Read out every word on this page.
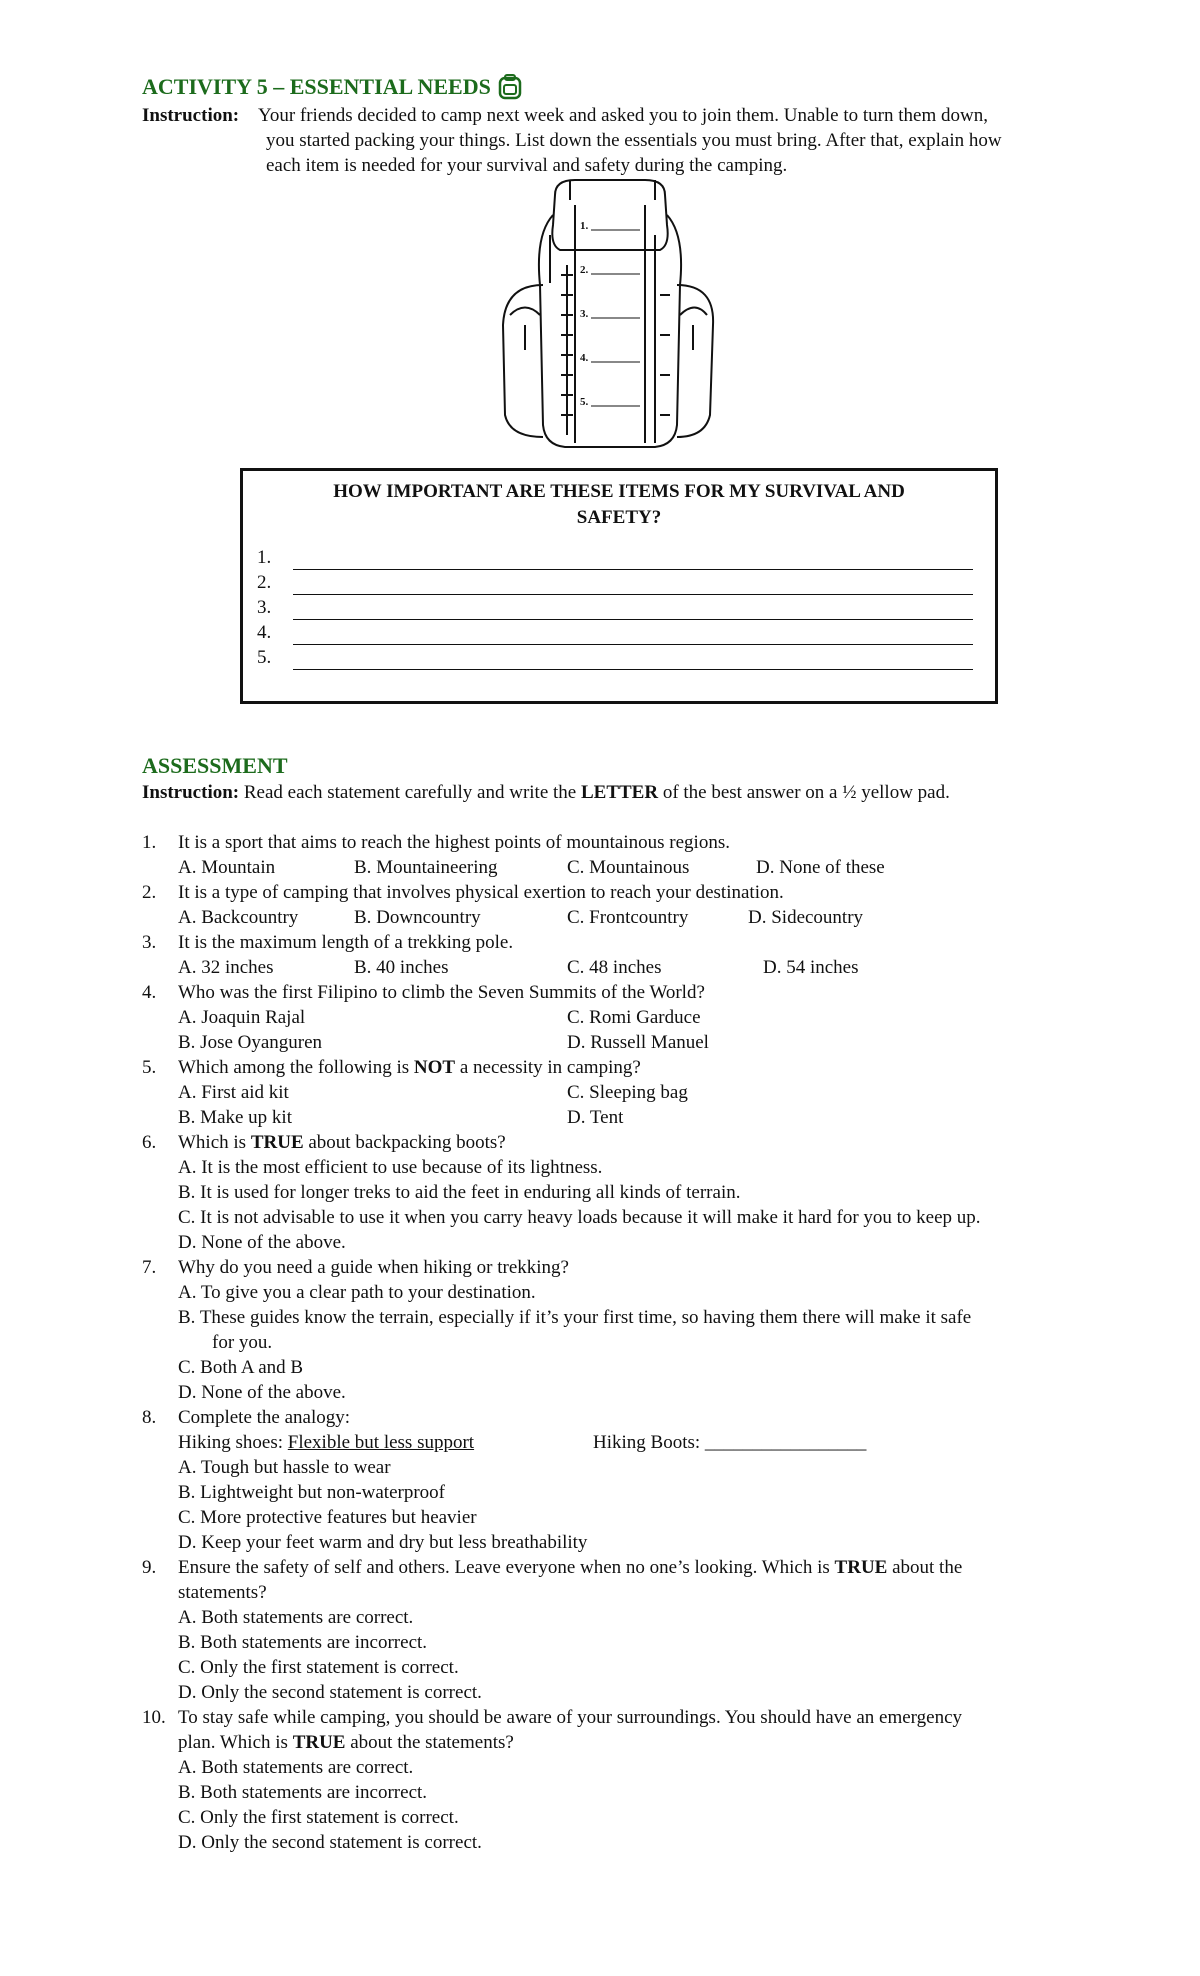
ACTIVITY 5 – ESSENTIAL NEEDS
Instruction: Your friends decided to camp next week and asked you to join them. Unable to turn them down,
you started packing your things. List down the essentials you must bring. After that, explain how
each item is needed for your survival and safety during the camping.
1.
2.
3.
4.
5.
HOW IMPORTANT ARE THESE ITEMS FOR MY SURVIVAL AND
SAFETY?
1.
2.
3.
4.
5.
ASSESSMENT
Instruction: Read each statement carefully and write the LETTER of the best answer on a ½ yellow pad.
1.	It is a sport that aims to reach the highest points of mountainous regions.
A. Mountain	B. Mountaineering	C. Mountainous	D. None of these
2.	It is a type of camping that involves physical exertion to reach your destination.
A. Backcountry	B. Downcountry	C. Frontcountry	D. Sidecountry
3.	It is the maximum length of a trekking pole.
A. 32 inches	B. 40 inches	C. 48 inches	D. 54 inches
4.	Who was the first Filipino to climb the Seven Summits of the World?
A. Joaquin Rajal	C. Romi Garduce
B. Jose Oyanguren	D. Russell Manuel
5.	Which among the following is NOT a necessity in camping?
A. First aid kit	C. Sleeping bag
B. Make up kit	D. Tent
6.	Which is TRUE about backpacking boots?
A. It is the most efficient to use because of its lightness.
B. It is used for longer treks to aid the feet in enduring all kinds of terrain.
C. It is not advisable to use it when you carry heavy loads because it will make it hard for you to keep up.
D. None of the above.
7.	Why do you need a guide when hiking or trekking?
A. To give you a clear path to your destination.
B. These guides know the terrain, especially if it’s your first time, so having them there will make it safe
for you.
C. Both A and B
D. None of the above.
8.	Complete the analogy:
Hiking shoes: Flexible but less support	Hiking Boots: _________________
A. Tough but hassle to wear
B. Lightweight but non-waterproof
C. More protective features but heavier
D. Keep your feet warm and dry but less breathability
9.	Ensure the safety of self and others. Leave everyone when no one’s looking. Which is TRUE about the
statements?
A. Both statements are correct.
B. Both statements are incorrect.
C. Only the first statement is correct.
D. Only the second statement is correct.
10. To stay safe while camping, you should be aware of your surroundings. You should have an emergency
plan. Which is TRUE about the statements?
A. Both statements are correct.
B. Both statements are incorrect.
C. Only the first statement is correct.
D. Only the second statement is correct.
